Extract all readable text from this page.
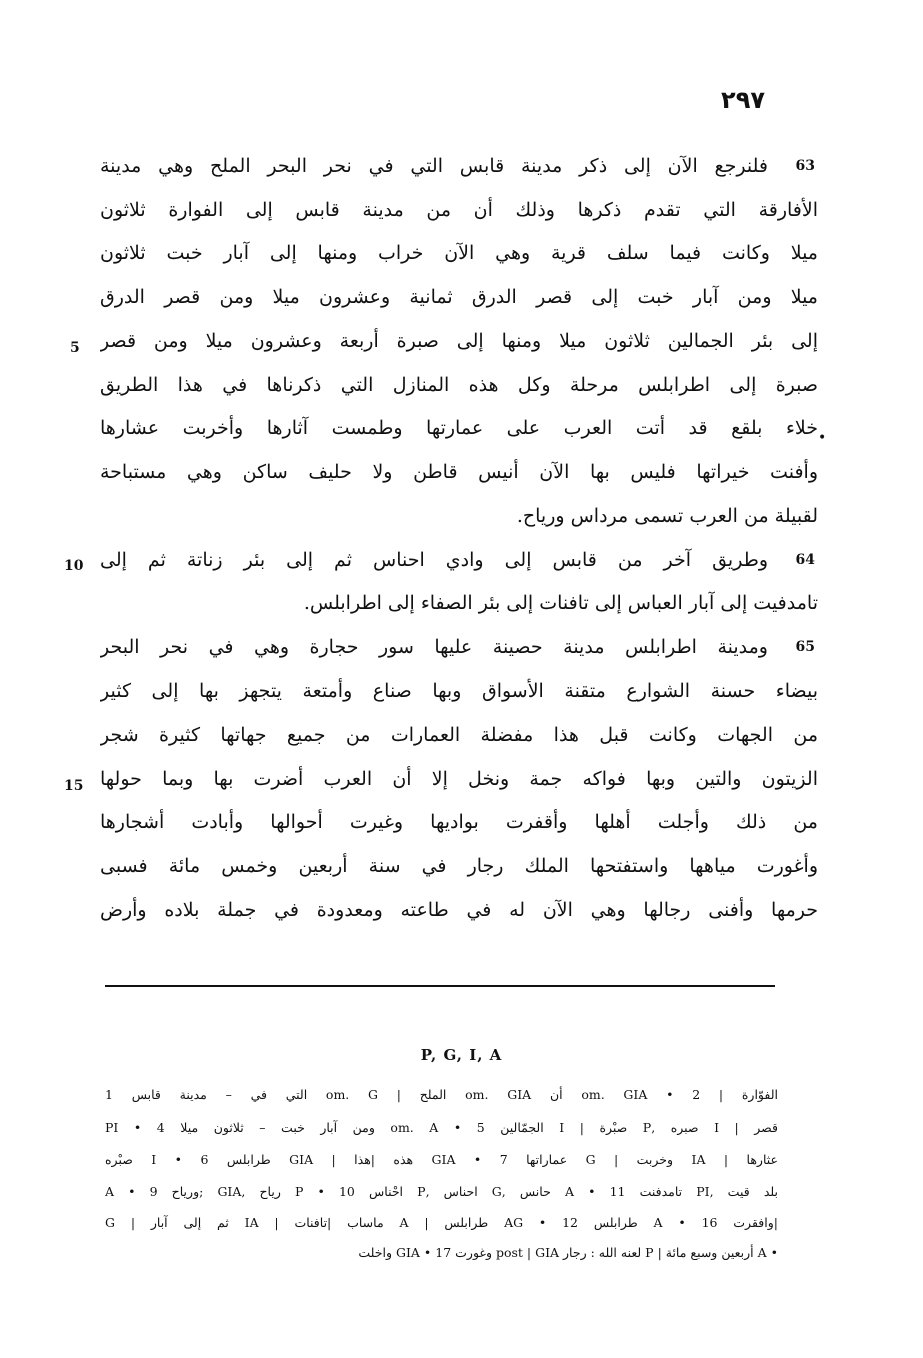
٢٩٧
63
64
65
5
10
15
•
فلنرجع الآن إلى ذكر مدينة قابس التي في نحر البحر الملح وهي مدينة
الأفارقة التي تقدم ذكرها وذلك أن من مدينة قابس إلى الفوارة ثلاثون
ميلا وكانت فيما سلف قرية وهي الآن خراب ومنها إلى آبار خبت ثلاثون
ميلا ومن آبار خبت إلى قصر الدرق ثمانية وعشرون ميلا ومن قصر الدرق
إلى بئر الجمالين ثلاثون ميلا ومنها إلى صبرة أربعة وعشرون ميلا ومن قصر
صبرة إلى اطرابلس مرحلة وكل هذه المنازل التي ذكرناها في هذا الطريق
خلاء بلقع قد أتت العرب على عمارتها وطمست آثارها وأخربت عشارها
وأفنت خيراتها فليس بها الآن أنيس قاطن ولا حليف ساكن وهي مستباحة
لقبيلة من العرب تسمى مرداس ورياح.
وطريق آخر من قابس إلى وادي احناس ثم إلى بئر زناتة ثم إلى
تامدفيت إلى آبار العباس إلى تافنات إلى بئر الصفاء إلى اطرابلس.
ومدينة اطرابلس مدينة حصينة عليها سور حجارة وهي في نحر البحر
بيضاء حسنة الشوارع متقنة الأسواق وبها صناع وأمتعة يتجهز بها إلى كثير
من الجهات وكانت قبل هذا مفضلة العمارات من جميع جهاتها كثيرة شجر
الزيتون والتين وبها فواكه جمة ونخل إلا أن العرب أضرت بها وبما حولها
من ذلك وأجلت أهلها وأقفرت بواديها وغيرت أحوالها وأبادت أشجارها
وأغورت مياهها واستفتحها الملك رجار في سنة أربعين وخمس مائة فسبى
حرمها وأفنى رجالها وهي الآن له في طاعته ومعدودة في جملة بلاده وأرض
P, G, I, A
الفوّارة | om. GIA • 2 أن om. GIA الملح | om. G التي في – مدينة قابس 1
قصر | I صبره ,P صبْرة | I الجمّالين 5 • om. A ومن آبار خبت – ثلاثون ميلا 4 • PI
عثارها | IA وخربت | G عماراتها 7 • GIA هذه |هذا | GIA طرابلس 6 • I صبْره
بلد قيت ,PI تامدفنت 11 • A حانس ,G احناس ,P احْناس 10 • P رياح ,GIA ;ورياح 9 • A
|وافقرت 16 • A طرابلس 12 • AG طرابلس | A ماساب |تافنات | IA ثم إلى آبار | G
• A أربعين وسبع مائة | P لعنه الله : رجار post | GIA وغورت 17 • GIA واخلت
